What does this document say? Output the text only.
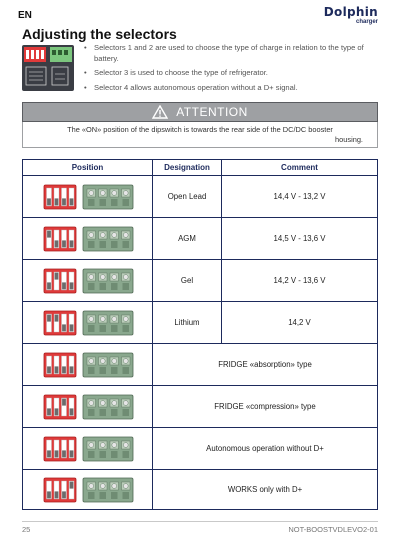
EN	Dolphin
charger
Adjusting the selectors
• Selectors 1 and 2 are used to choose the type of charge in relation to the type of battery.
• Selector 3 is used to choose the type of refrigerator.
• Selector 4 allows autonomous operation without a D+ signal.
ATTENTION
The «ON» position of the dipswitch is towards the rear side of the DC/DC booster
housing.
Position	Designation	Comment
Open Lead	14,4 V - 13,2 V
AGM	14,5 V - 13,6 V
Gel	14,2 V - 13,6 V
Lithium	14,2 V
FRIDGE «absorption» type
FRIDGE «compression» type
Autonomous operation without D+
WORKS only with D+
25	NOT-BOOSTVDLEVO2-01
